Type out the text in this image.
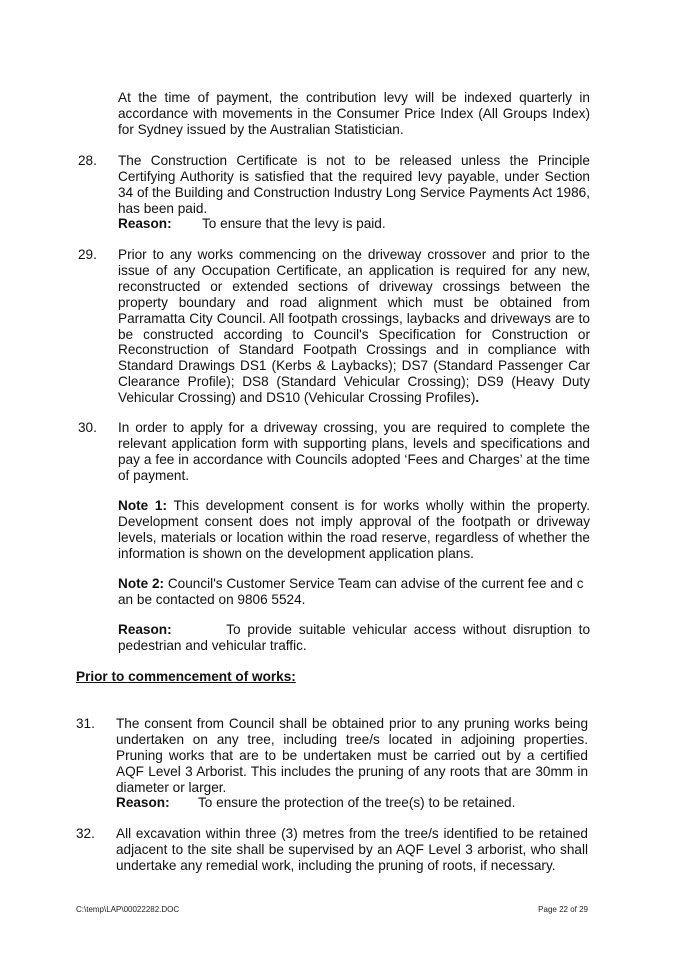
At the time of payment, the contribution levy will be indexed quarterly in accordance with movements in the Consumer Price Index (All Groups Index) for Sydney issued by the Australian Statistician.

28. The Construction Certificate is not to be released unless the Principle Certifying Authority is satisfied that the required levy payable, under Section 34 of the Building and Construction Industry Long Service Payments Act 1986, has been paid.

Reason: To ensure that the levy is paid.

29. Prior to any works commencing on the driveway crossover and prior to the issue of any Occupation Certificate, an application is required for any new, reconstructed or extended sections of driveway crossings between the property boundary and road alignment which must be obtained from Parramatta City Council. All footpath crossings, laybacks and driveways are to be constructed according to Council's Specification for Construction or Reconstruction of Standard Footpath Crossings and in compliance with Standard Drawings DS1 (Kerbs & Laybacks); DS7 (Standard Passenger Car Clearance Profile); DS8 (Standard Vehicular Crossing); DS9 (Heavy Duty Vehicular Crossing) and DS10 (Vehicular Crossing Profiles).

30. In order to apply for a driveway crossing, you are required to complete the relevant application form with supporting plans, levels and specifications and pay a fee in accordance with Councils adopted ‘Fees and Charges’ at the time of payment.

Note 1: This development consent is for works wholly within the property. Development consent does not imply approval of the footpath or driveway levels, materials or location within the road reserve, regardless of whether the information is shown on the development application plans.

Note 2: Council's Customer Service Team can advise of the current fee and c an be contacted on 9806 5524.

Reason:	To provide suitable vehicular access without disruption to pedestrian and vehicular traffic.

Prior to commencement of works:

31. The consent from Council shall be obtained prior to any pruning works being undertaken on any tree, including tree/s located in adjoining properties. Pruning works that are to be undertaken must be carried out by a certified AQF Level 3 Arborist. This includes the pruning of any roots that are 30mm in diameter or larger.

Reason: To ensure the protection of the tree(s) to be retained.

32. All excavation within three (3) metres from the tree/s identified to be retained adjacent to the site shall be supervised by an AQF Level 3 arborist, who shall undertake any remedial work, including the pruning of roots, if necessary.

C:\temp\LAP\00022282.DOC	Page 22 of 29
